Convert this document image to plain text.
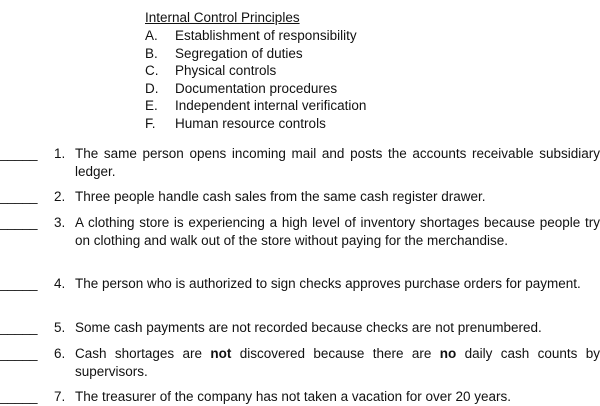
Internal Control Principles
A. Establishment of responsibility
B. Segregation of duties
C. Physical controls
D. Documentation procedures
E. Independent internal verification
F. Human resource controls
_____ 1. The same person opens incoming mail and posts the accounts receivable subsidiary ledger.
_____ 2. Three people handle cash sales from the same cash register drawer.
_____ 3. A clothing store is experiencing a high level of inventory shortages because people try on clothing and walk out of the store without paying for the merchandise.
_____ 4. The person who is authorized to sign checks approves purchase orders for payment.
_____ 5. Some cash payments are not recorded because checks are not prenumbered.
_____ 6. Cash shortages are not discovered because there are no daily cash counts by supervisors.
_____ 7. The treasurer of the company has not taken a vacation for over 20 years.
